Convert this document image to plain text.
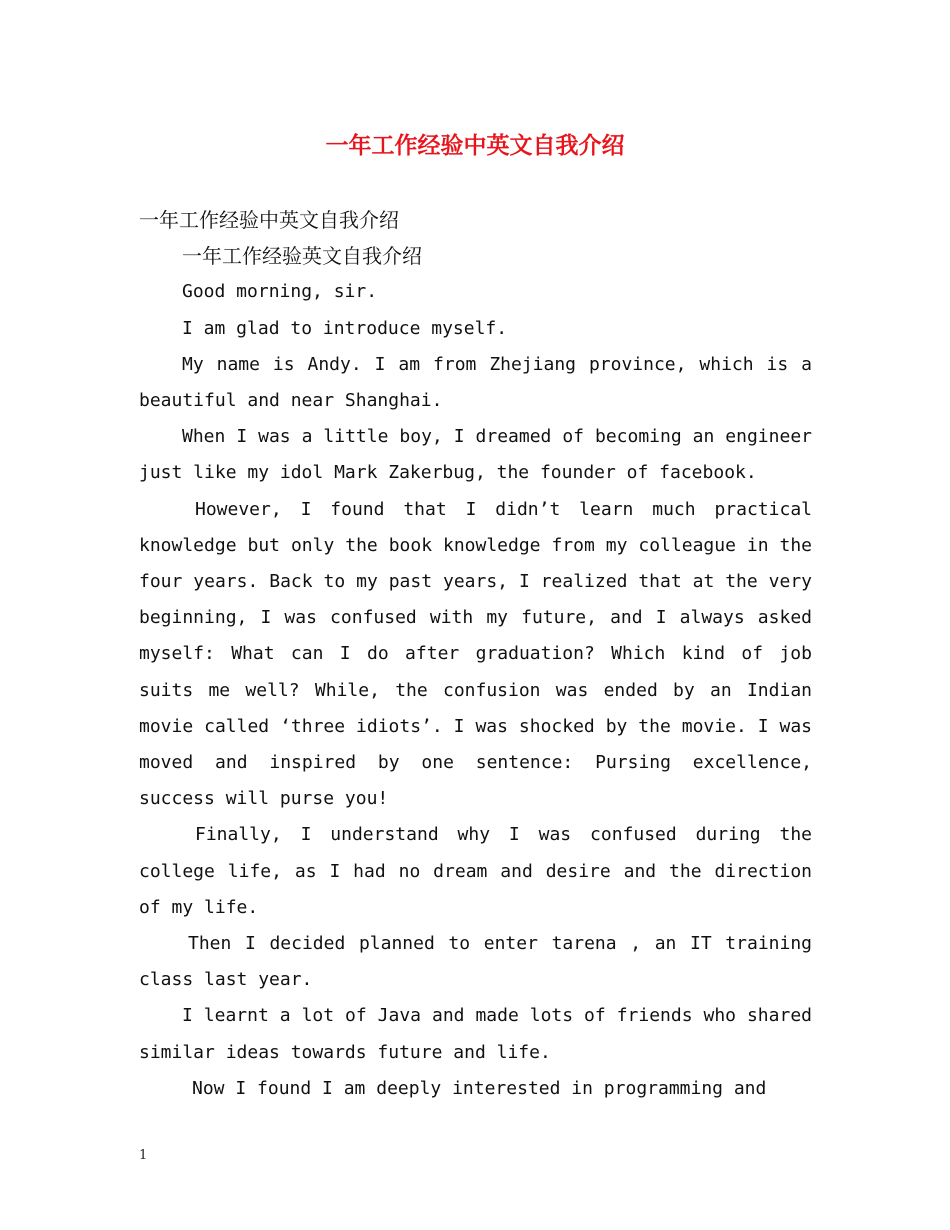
一年工作经验中英文自我介绍

一年工作经验中英文自我介绍

一年工作经验英文自我介绍

Good morning, sir.

I am glad to introduce myself.

My name is Andy. I am from Zhejiang province, which is a beautiful and near Shanghai.

When I was a little boy, I dreamed of becoming an engineer just like my idol Mark Zakerbug, the founder of facebook.

However, I found that I didn’t learn much practical knowledge but only the book knowledge from my colleague in the four years. Back to my past years, I realized that at the very beginning, I was confused with my future, and I always asked myself: What can I do after graduation? Which kind of job suits me well? While, the confusion was ended by an Indian movie called ‘three idiots’. I was shocked by the movie. I was moved and inspired by one sentence: Pursing excellence, success will purse you!

Finally, I understand why I was confused during the college life, as I had no dream and desire and the direction of my life.

Then I decided planned to enter tarena , an IT training class last year.

I learnt a lot of Java and made lots of friends who shared similar ideas towards future and life.

Now I found I am deeply interested in programming and

1
